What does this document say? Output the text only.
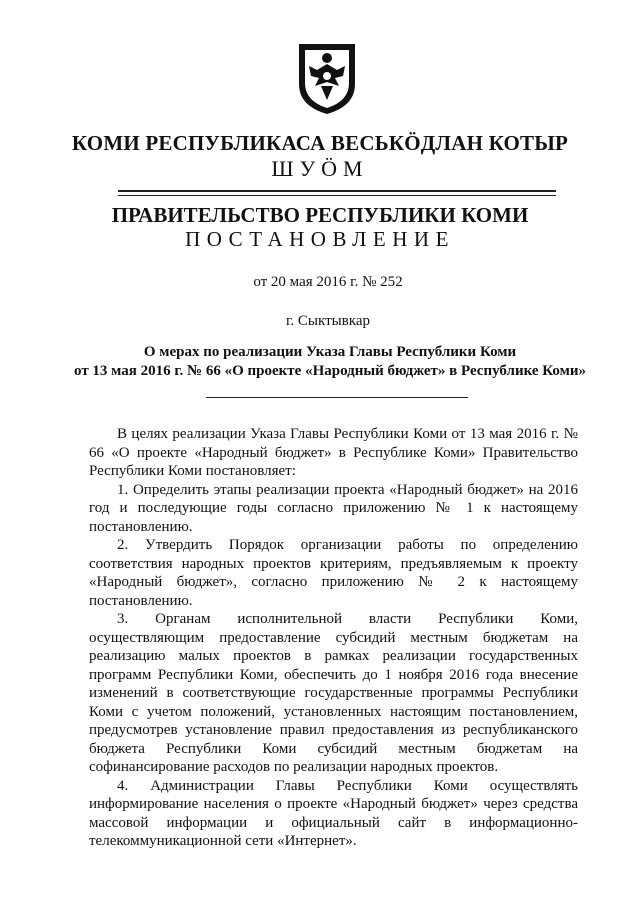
КОМИ РЕСПУБЛИКАСА ВЕСЬКӦДЛАН КОТЫР
ШУӦМ
ПРАВИТЕЛЬСТВО РЕСПУБЛИКИ КОМИ
ПОСТАНОВЛЕНИЕ
от 20 мая 2016 г. № 252
г. Сыктывкар
О мерах по реализации Указа Главы Республики Коми
от 13 мая 2016 г. № 66 «О проекте «Народный бюджет» в Республике Коми»

В целях реализации Указа Главы Республики Коми от 13 мая 2016 г. № 66 «О проекте «Народный бюджет» в Республике Коми» Правительство Республики Коми постановляет:

1. Определить этапы реализации проекта «Народный бюджет» на 2016 год и последующие годы согласно приложению № 1 к настоящему постановлению.

2. Утвердить Порядок организации работы по определению соответствия народных проектов критериям, предъявляемым к проекту «Народный бюджет», согласно приложению № 2 к настоящему постановлению.

3. Органам исполнительной власти Республики Коми, осуществляющим предоставление субсидий местным бюджетам на реализацию малых проектов в рамках реализации государственных программ Республики Коми, обеспечить до 1 ноября 2016 года внесение изменений в соответствующие государственные программы Республики Коми с учетом положений, установленных настоящим постановлением, предусмотрев установление правил предоставления из республиканского бюджета Республики Коми субсидий местным бюджетам на софинансирование расходов по реализации народных проектов.

4. Администрации Главы Республики Коми осуществлять информирование населения о проекте «Народный бюджет» через средства массовой информации и официальный сайт в информационно-телекоммуникационной сети «Интернет».
